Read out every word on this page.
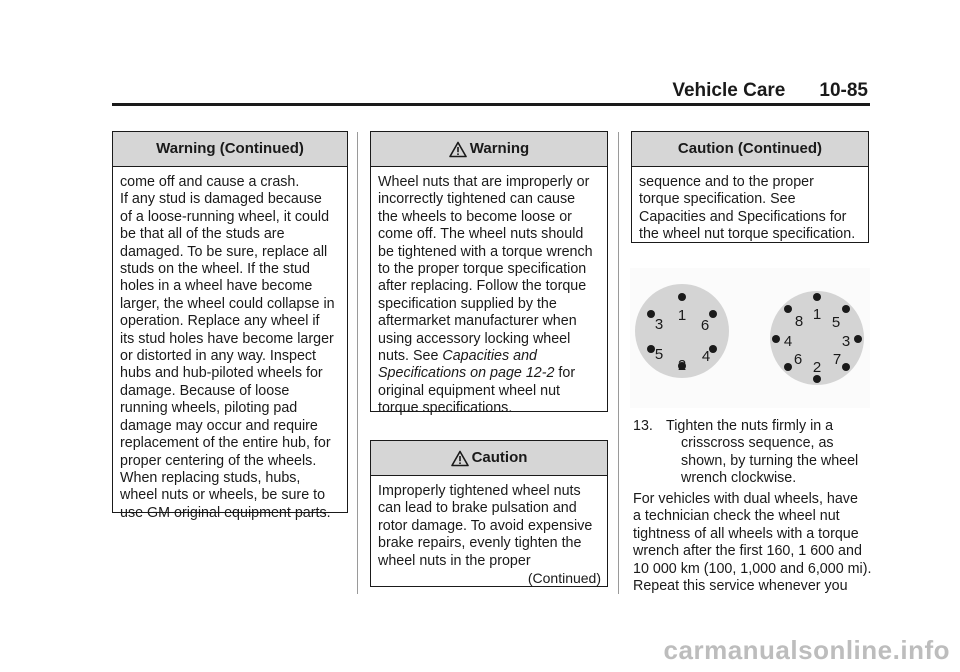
Vehicle Care 10-85
Warning (Continued)
come off and cause a crash.
If any stud is damaged because
of a loose-running wheel, it could
be that all of the studs are
damaged. To be sure, replace all
studs on the wheel. If the stud
holes in a wheel have become
larger, the wheel could collapse in
operation. Replace any wheel if
its stud holes have become larger
or distorted in any way. Inspect
hubs and hub-piloted wheels for
damage. Because of loose
running wheels, piloting pad
damage may occur and require
replacement of the entire hub, for
proper centering of the wheels.
When replacing studs, hubs,
wheel nuts or wheels, be sure to
use GM original equipment parts.
Warning
Wheel nuts that are improperly or
incorrectly tightened can cause
the wheels to become loose or
come off. The wheel nuts should
be tightened with a torque wrench
to the proper torque specification
after replacing. Follow the torque
specification supplied by the
aftermarket manufacturer when
using accessory locking wheel
nuts. See Capacities and
Specifications on page 12-2 for
original equipment wheel nut
torque specifications.
Caution
Improperly tightened wheel nuts
can lead to brake pulsation and
rotor damage. To avoid expensive
brake repairs, evenly tighten the
wheel nuts in the proper
(Continued)
Caution (Continued)
sequence and to the proper
torque specification. See
Capacities and Specifications for
the wheel nut torque specification.
1
2
3
4
5
6
1
2
3
4
5
6 7
8
13. Tighten the nuts firmly in a
crisscross sequence, as
shown, by turning the wheel
wrench clockwise.
For vehicles with dual wheels, have
a technician check the wheel nut
tightness of all wheels with a torque
wrench after the first 160, 1 600 and
10 000 km (100, 1,000 and 6,000 mi).
Repeat this service whenever you
carmanualsonline.info
